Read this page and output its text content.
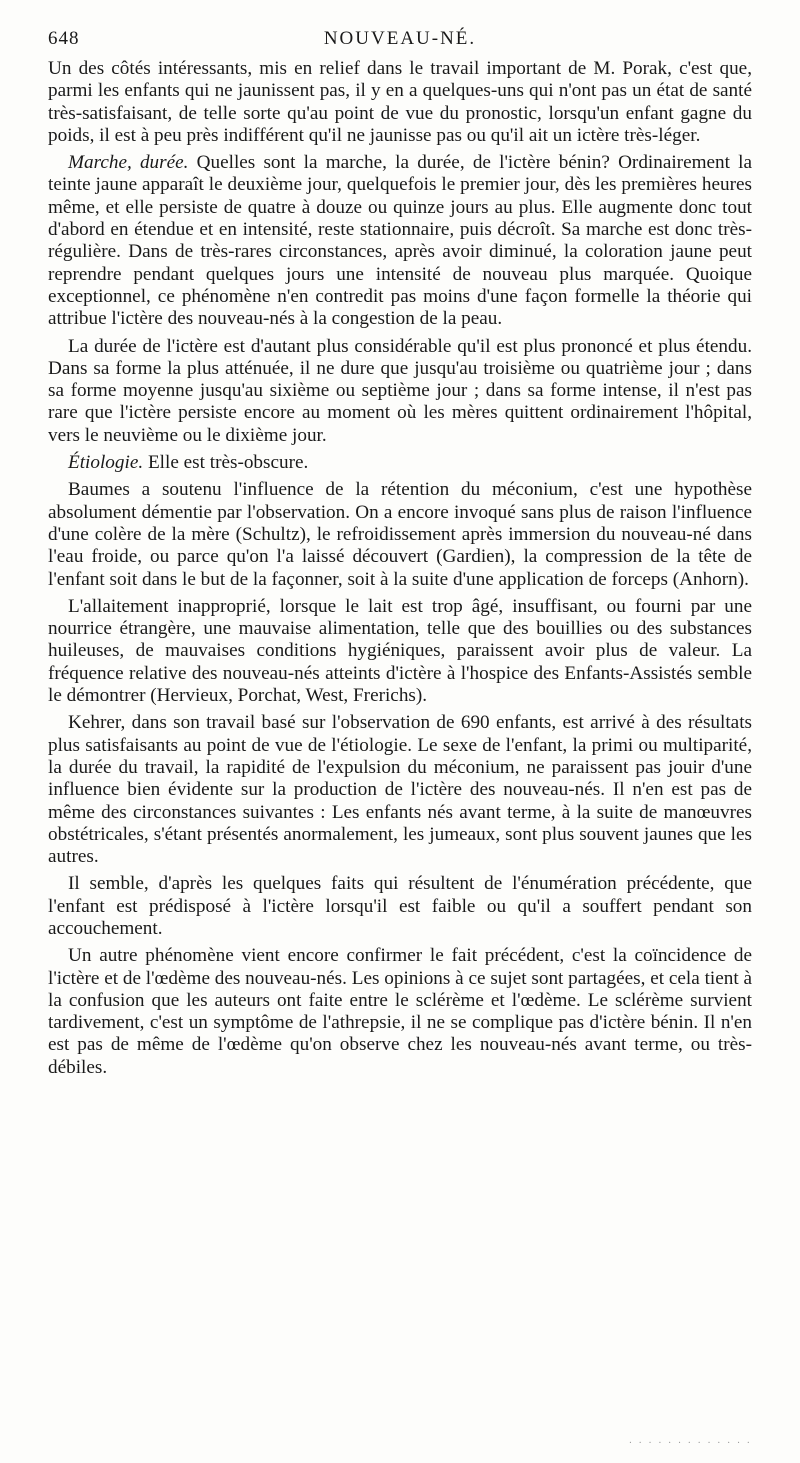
648	NOUVEAU-NÉ.

Un des côtés intéressants, mis en relief dans le travail important de M. Porak, c'est que, parmi les enfants qui ne jaunissent pas, il y en a quelques-uns qui n'ont pas un état de santé très-satisfaisant, de telle sorte qu'au point de vue du pronostic, lorsqu'un enfant gagne du poids, il est à peu près indifférent qu'il ne jaunisse pas ou qu'il ait un ictère très-léger.

Marche, durée. Quelles sont la marche, la durée, de l'ictère bénin? Ordinairement la teinte jaune apparaît le deuxième jour, quelquefois le premier jour, dès les premières heures même, et elle persiste de quatre à douze ou quinze jours au plus. Elle augmente donc tout d'abord en étendue et en intensité, reste stationnaire, puis décroît. Sa marche est donc très-régulière. Dans de très-rares circonstances, après avoir diminué, la coloration jaune peut reprendre pendant quelques jours une intensité de nouveau plus marquée. Quoique exceptionnel, ce phénomène n'en contredit pas moins d'une façon formelle la théorie qui attribue l'ictère des nouveau-nés à la congestion de la peau.

La durée de l'ictère est d'autant plus considérable qu'il est plus prononcé et plus étendu. Dans sa forme la plus atténuée, il ne dure que jusqu'au troisième ou quatrième jour ; dans sa forme moyenne jusqu'au sixième ou septième jour ; dans sa forme intense, il n'est pas rare que l'ictère persiste encore au moment où les mères quittent ordinairement l'hôpital, vers le neuvième ou le dixième jour.

Étiologie. Elle est très-obscure.

Baumes a soutenu l'influence de la rétention du méconium, c'est une hypothèse absolument démentie par l'observation. On a encore invoqué sans plus de raison l'influence d'une colère de la mère (Schultz), le refroidissement après immersion du nouveau-né dans l'eau froide, ou parce qu'on l'a laissé découvert (Gardien), la compression de la tête de l'enfant soit dans le but de la façonner, soit à la suite d'une application de forceps (Anhorn).

L'allaitement inapproprié, lorsque le lait est trop âgé, insuffisant, ou fourni par une nourrice étrangère, une mauvaise alimentation, telle que des bouillies ou des substances huileuses, de mauvaises conditions hygiéniques, paraissent avoir plus de valeur. La fréquence relative des nouveau-nés atteints d'ictère à l'hospice des Enfants-Assistés semble le démontrer (Hervieux, Porchat, West, Frerichs).

Kehrer, dans son travail basé sur l'observation de 690 enfants, est arrivé à des résultats plus satisfaisants au point de vue de l'étiologie. Le sexe de l'enfant, la primi ou multiparité, la durée du travail, la rapidité de l'expulsion du méconium, ne paraissent pas jouir d'une influence bien évidente sur la production de l'ictère des nouveau-nés. Il n'en est pas de même des circonstances suivantes : Les enfants nés avant terme, à la suite de manœuvres obstétricales, s'étant présentés anormalement, les jumeaux, sont plus souvent jaunes que les autres.

Il semble, d'après les quelques faits qui résultent de l'énumération précédente, que l'enfant est prédisposé à l'ictère lorsqu'il est faible ou qu'il a souffert pendant son accouchement.

Un autre phénomène vient encore confirmer le fait précédent, c'est la coïncidence de l'ictère et de l'œdème des nouveau-nés. Les opinions à ce sujet sont partagées, et cela tient à la confusion que les auteurs ont faite entre le sclérème et l'œdème. Le sclérème survient tardivement, c'est un symptôme de l'athrepsie, il ne se complique pas d'ictère bénin. Il n'en est pas de même de l'œdème qu'on observe chez les nouveau-nés avant terme, ou très-débiles.

· · · · · · · · · · · · ·
